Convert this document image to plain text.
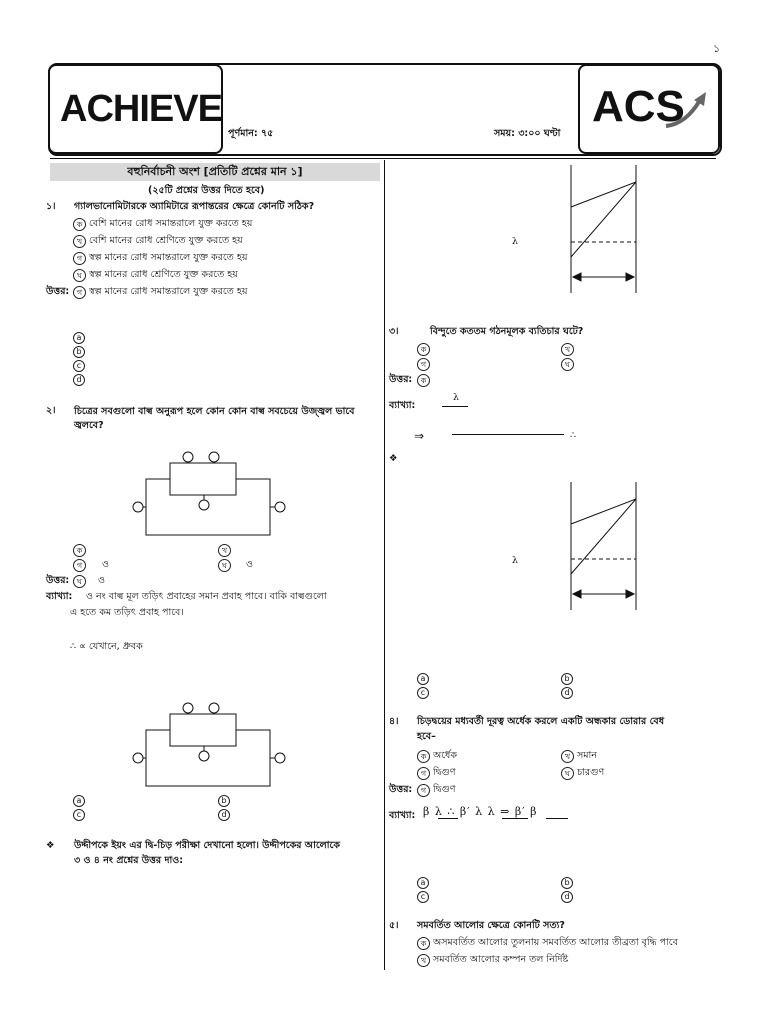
১
ACHIEVE	ACS
পূর্ণমান: ৭৫	সময়: ৩:০০ ঘণ্টা
বহুনির্বাচনী অংশ [প্রতিটি প্রশ্নের মান ১]
(২৫টি প্রশ্নের উত্তর দিতে হবে)
১। গ্যালভানোমিটারকে অ্যামিটারে রূপান্তরের ক্ষেত্রে কোনটি সঠিক?
ক বেশি মানের রোধ সমান্তরালে যুক্ত করতে হয়
খ বেশি মানের রোধ শ্রেণিতে যুক্ত করতে হয়
গ স্বল্প মানের রোধ সমান্তরালে যুক্ত করতে হয়
ঘ স্বল্প মানের রোধ শ্রেণিতে যুক্ত করতে হয়
উত্তর: গ স্বল্প মানের রোধ সমান্তরালে যুক্ত করতে হয়
a
b
c
d
২। চিত্রের সবগুলো বাল্ব অনুরূপ হলে কোন কোন বাল্ব সবচেয়ে উজ্জ্বল ভাবে জ্বলবে?
ক	খ
গ	ও	ঘ	ও
উত্তর: ঘ	ও
ব্যাখ্যা: ও নং বাল্ব মূল তড়িৎ প্রবাহের সমান প্রবাহ পাবে। বাকি বাল্বগুলো
এ হতে কম তড়িৎ প্রবাহ পাবে।
∴ ∝ যেখানে, ধ্রুবক
a	b
c	d
❖ উদ্দীপকে ইয়ং এর দ্বি-চিড় পরীক্ষা দেখানো হলো। উদ্দীপকের আলোকে
৩ ও ৪ নং প্রশ্নের উত্তর দাও:
λ
৩।	বিন্দুতে কততম গঠনমূলক ব্যতিচার ঘটে?
ক	খ
গ	ঘ
উত্তর:	ক
ব্যাখ্যা:
λ
⇒	∴
❖
λ
a	b
c	d
৪। চিড়দ্বয়ের মধ্যবর্তী দূরত্ব অর্ধেক করলে একটি অন্ধকার ডোরার বেধ
হবে–
ক অর্ধেক	খ সমান
গ দ্বিগুণ	ঘ চারগুণ
উত্তর:	গ দ্বিগুণ
ব্যাখ্যা: β λ ∴ β′ λ λ ⇒ β′ β
a	b
c	d
৫। সমবর্তিত আলোর ক্ষেত্রে কোনটি সত্য?
ক অসমবর্তিত আলোর তুলনায় সমবর্তিত আলোর তীব্রতা বৃদ্ধি পাবে
খ সমবর্তিত আলোর কম্পন তল নির্দিষ্ট
